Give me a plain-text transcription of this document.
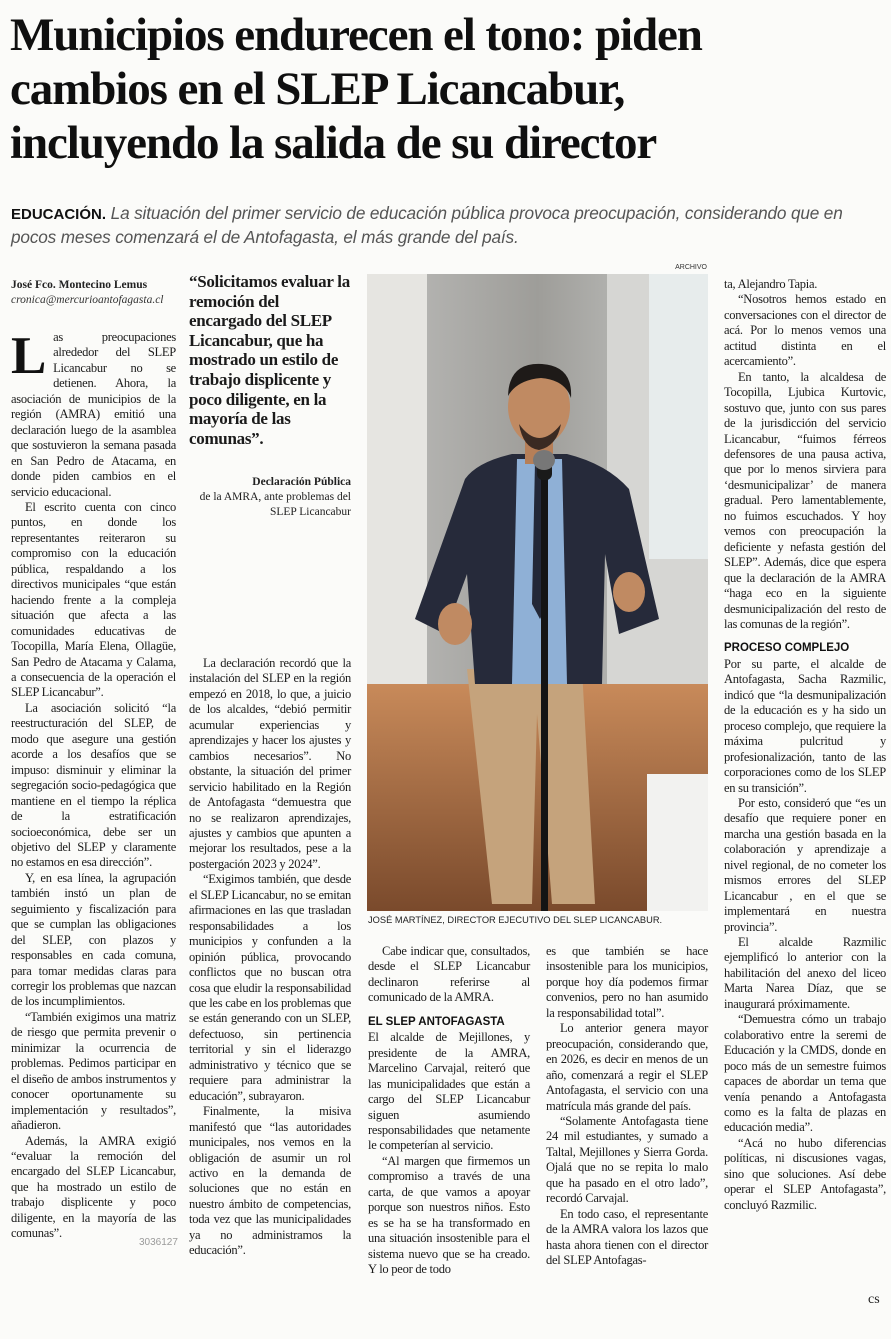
Municipios endurecen el tono: piden
cambios en el SLEP Licancabur,
incluyendo la salida de su director
EDUCACIÓN. La situación del primer servicio de educación pública provoca preocupación, considerando que en pocos meses comenzará el de Antofagasta, el más grande del país.
José Fco. Montecino Lemus
cronica@mercurioantofagasta.cl

Las preocupaciones alrededor del SLEP Licancabur no se detienen. Ahora, la asociación de municipios de la región (AMRA) emitió una declaración luego de la asamblea que sostuvieron la semana pasada en San Pedro de Atacama, en donde piden cambios en el servicio educacional.

El escrito cuenta con cinco puntos, en donde los representantes reiteraron su compromiso con la educación pública, respaldando a los directivos municipales “que están haciendo frente a la compleja situación que afecta a las comunidades educativas de Tocopilla, María Elena, Ollagüe, San Pedro de Atacama y Calama, a consecuencia de la operación el SLEP Licancabur”.

La asociación solicitó “la reestructuración del SLEP, de modo que asegure una gestión acorde a los desafíos que se impuso: disminuir y eliminar la segregación socio-pedagógica que mantiene en el tiempo la réplica de la estratificación socioeconómica, debe ser un objetivo del SLEP y claramente no estamos en esa dirección”.

Y, en esa línea, la agrupación también instó un plan de seguimiento y fiscalización para que se cumplan las obligaciones del SLEP, con plazos y responsables en cada comuna, para tomar medidas claras para corregir los problemas que nazcan de los incumplimientos.

“También exigimos una matriz de riesgo que permita prevenir o minimizar la ocurrencia de problemas. Pedimos participar en el diseño de ambos instrumentos y conocer oportunamente su implementación y resultados”, añadieron.

Además, la AMRA exigió “evaluar la remoción del encargado del SLEP Licancabur, que ha mostrado un estilo de trabajo displicente y poco diligente, en la mayoría de las comunas”.

“Solicitamos evaluar la remoción del encargado del SLEP Licancabur, que ha mostrado un estilo de trabajo displicente y poco diligente, en la mayoría de las comunas”.
Declaración Pública
de la AMRA, ante problemas del SLEP Licancabur

La declaración recordó que la instalación del SLEP en la región empezó en 2018, lo que, a juicio de los alcaldes, “debió permitir acumular experiencias y aprendizajes y hacer los ajustes y cambios necesarios”. No obstante, la situación del primer servicio habilitado en la Región de Antofagasta “demuestra que no se realizaron aprendizajes, ajustes y cambios que apunten a mejorar los resultados, pese a la postergación 2023 y 2024”.

“Exigimos también, que desde el SLEP Licancabur, no se emitan afirmaciones en las que trasladan responsabilidades a los municipios y confunden a la opinión pública, provocando conflictos que no buscan otra cosa que eludir la responsabilidad que les cabe en los problemas que se están generando con un SLEP, defectuoso, sin pertinencia territorial y sin el liderazgo administrativo y técnico que se requiere para administrar la educación”, subrayaron.

Finalmente, la misiva manifestó que “las autoridades municipales, nos vemos en la obligación de asumir un rol activo en la demanda de soluciones que no están en nuestro ámbito de competencias, toda vez que las municipalidades ya no administramos la educación”.

ARCHIVO
JOSÉ MARTÍNEZ, DIRECTOR EJECUTIVO DEL SLEP LICANCABUR.

Cabe indicar que, consultados, desde el SLEP Licancabur declinaron referirse al comunicado de la AMRA.

EL SLEP ANTOFAGASTA

El alcalde de Mejillones, y presidente de la AMRA, Marcelino Carvajal, reiteró que las municipalidades que están a cargo del SLEP Licancabur siguen asumiendo responsabilidades que netamente le competerían al servicio.

“Al margen que firmemos un compromiso a través de una carta, de que vamos a apoyar porque son nuestros niños. Esto es se ha se ha transformado en una situación insostenible para el sistema nuevo que se ha creado. Y lo peor de todo

es que también se hace insostenible para los municipios, porque hoy día podemos firmar convenios, pero no han asumido la responsabilidad total”.

Lo anterior genera mayor preocupación, considerando que, en 2026, es decir en menos de un año, comenzará a regir el SLEP Antofagasta, el servicio con una matrícula más grande del país.

“Solamente Antofagasta tiene 24 mil estudiantes, y sumado a Taltal, Mejillones y Sierra Gorda. Ojalá que no se repita lo malo que ha pasado en el otro lado”, recordó Carvajal.

En todo caso, el representante de la AMRA valora los lazos que hasta ahora tienen con el director del SLEP Antofagas-

ta, Alejandro Tapia.

“Nosotros hemos estado en conversaciones con el director de acá. Por lo menos vemos una actitud distinta en el acercamiento”.

En tanto, la alcaldesa de Tocopilla, Ljubica Kurtovic, sostuvo que, junto con sus pares de la jurisdicción del servicio Licancabur, “fuimos férreos defensores de una pausa activa, que por lo menos sirviera para ‘desmunicipalizar’ de manera gradual. Pero lamentablemente, no fuimos escuchados. Y hoy vemos con preocupación la deficiente y nefasta gestión del SLEP”. Además, dice que espera que la declaración de la AMRA “haga eco en la siguiente desmunicipalización del resto de las comunas de la región”.

PROCESO COMPLEJO

Por su parte, el alcalde de Antofagasta, Sacha Razmilic, indicó que “la desmunipalización de la educación es y ha sido un proceso complejo, que requiere la máxima pulcritud y profesionalización, tanto de las corporaciones como de los SLEP en su transición”.

Por esto, consideró que “es un desafío que requiere poner en marcha una gestión basada en la colaboración y aprendizaje a nivel regional, de no cometer los mismos errores del SLEP Licancabur , en el que se implementará en nuestra provincia”.

El alcalde Razmilic ejemplificó lo anterior con la habilitación del anexo del liceo Marta Narea Díaz, que se inaugurará próximamente.

“Demuestra cómo un trabajo colaborativo entre la seremi de Educación y la CMDS, donde en poco más de un semestre fuimos capaces de abordar un tema que venía penando a Antofagasta como es la falta de plazas en educación media”.

“Acá no hubo diferencias políticas, ni discusiones vagas, sino que soluciones. Así debe operar el SLEP Antofagasta”, concluyó Razmilic.

3036127
cs
